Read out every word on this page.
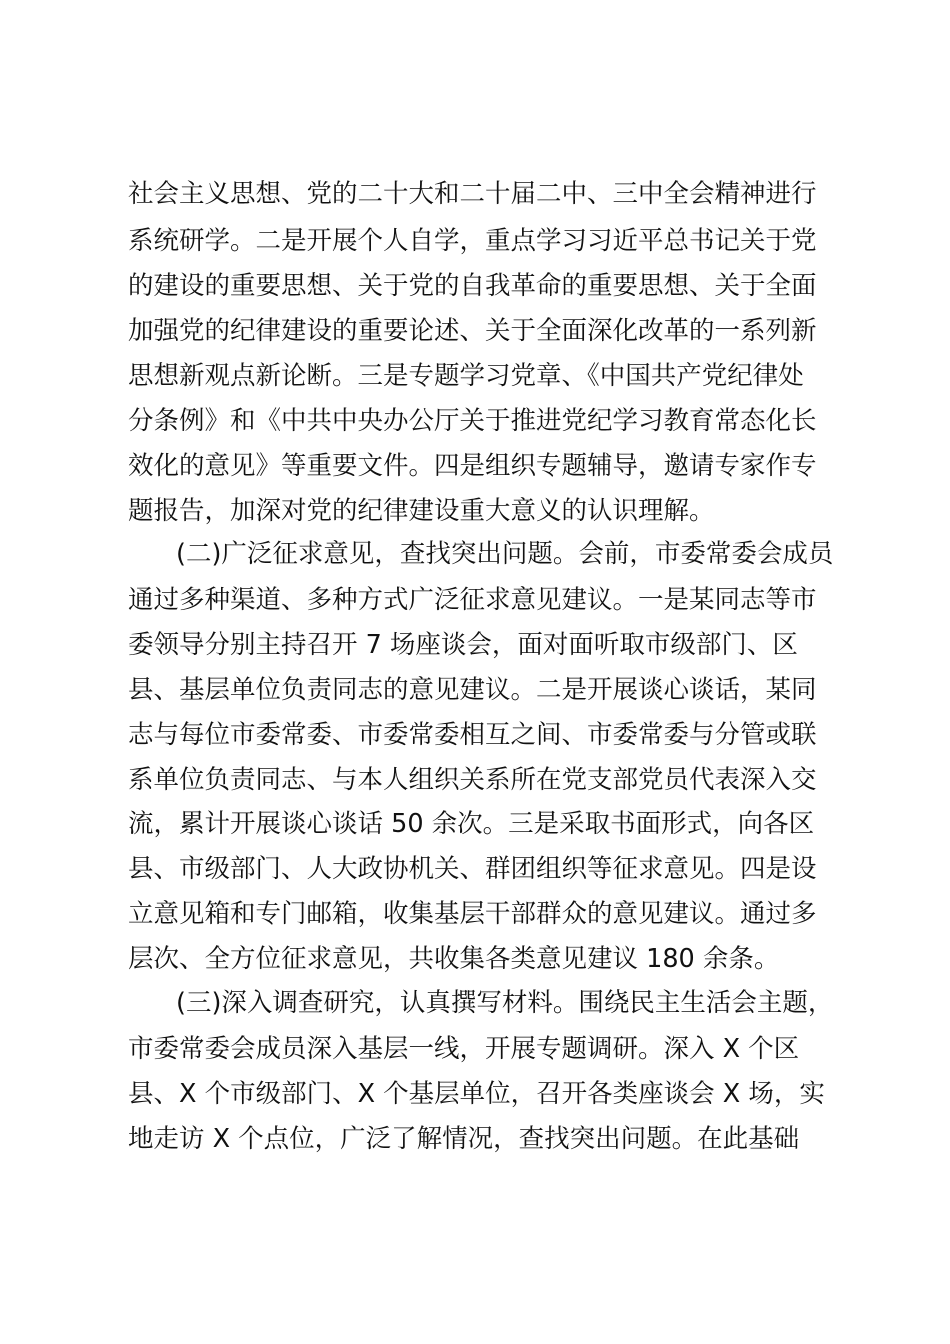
社会主义思想、党的二十大和二十届二中、三中全会精神进行
系统研学。二是开展个人自学，重点学习习近平总书记关于党
的建设的重要思想、关于党的自我革命的重要思想、关于全面
加强党的纪律建设的重要论述、关于全面深化改革的一系列新
思想新观点新论断。三是专题学习党章、《中国共产党纪律处
分条例》和《中共中央办公厅关于推进党纪学习教育常态化长
效化的意见》等重要文件。四是组织专题辅导，邀请专家作专
题报告，加深对党的纪律建设重大意义的认识理解。
(二)广泛征求意见，查找突出问题。会前，市委常委会成员
通过多种渠道、多种方式广泛征求意见建议。一是某同志等市
委领导分别主持召开 7 场座谈会，面对面听取市级部门、区
县、基层单位负责同志的意见建议。二是开展谈心谈话，某同
志与每位市委常委、市委常委相互之间、市委常委与分管或联
系单位负责同志、与本人组织关系所在党支部党员代表深入交
流，累计开展谈心谈话 50 余次。三是采取书面形式，向各区
县、市级部门、人大政协机关、群团组织等征求意见。四是设
立意见箱和专门邮箱，收集基层干部群众的意见建议。通过多
层次、全方位征求意见，共收集各类意见建议 180 余条。
(三)深入调查研究，认真撰写材料。围绕民主生活会主题，
市委常委会成员深入基层一线，开展专题调研。深入 X 个区
县、X 个市级部门、X 个基层单位，召开各类座谈会 X 场，实
地走访 X 个点位，广泛了解情况，查找突出问题。在此基础
